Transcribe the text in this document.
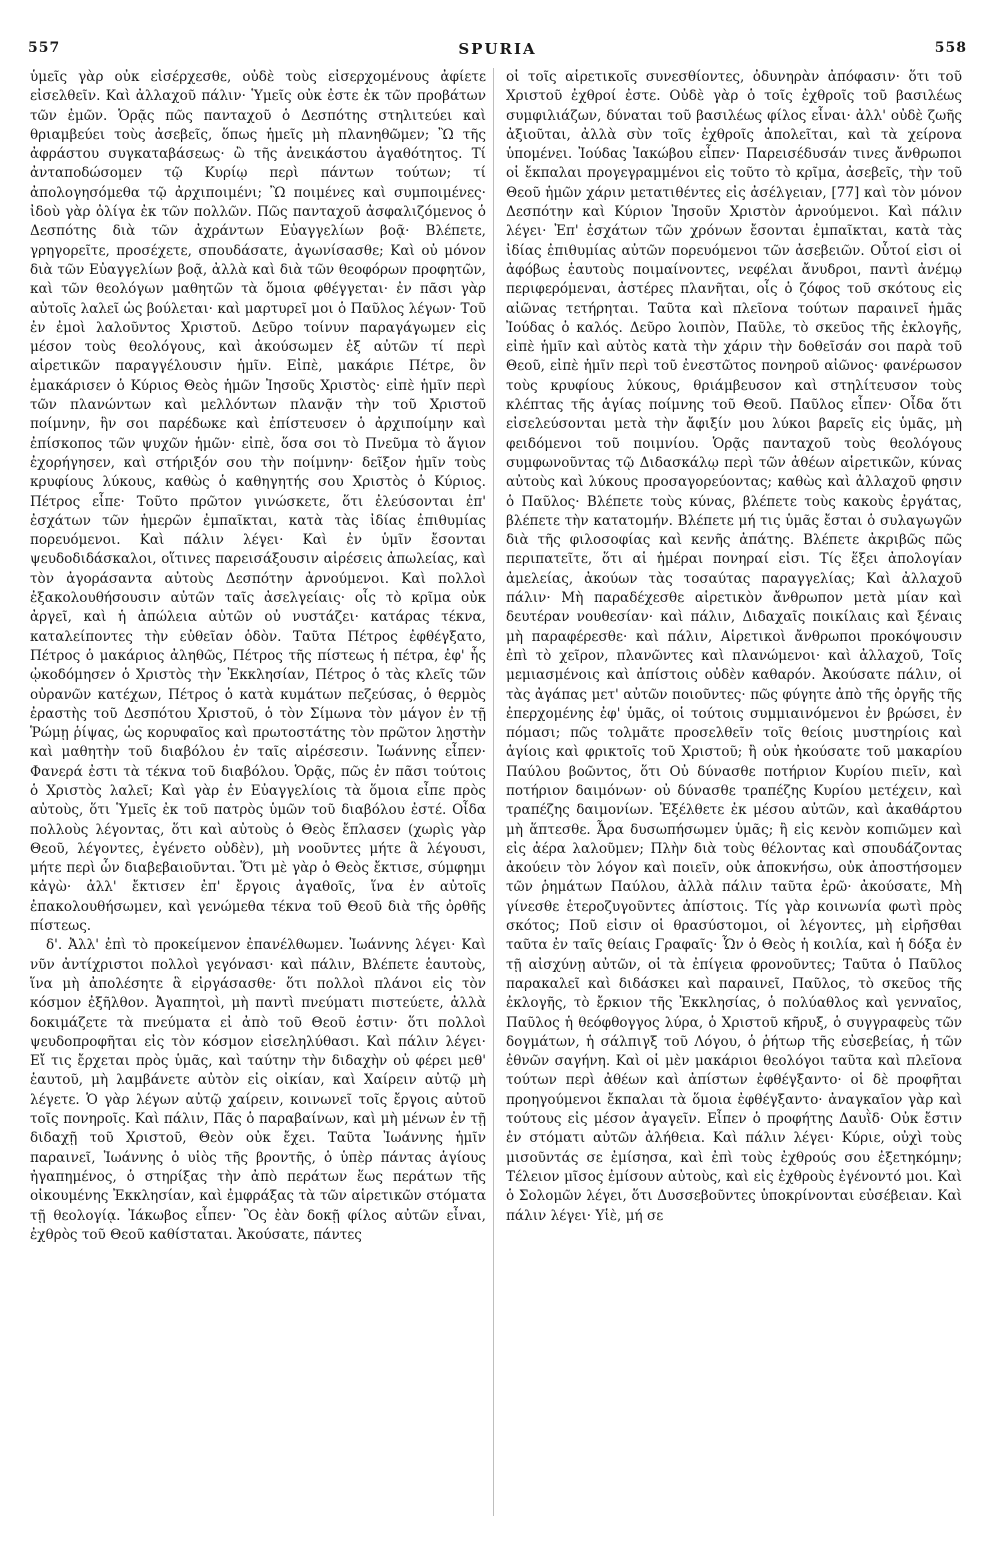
557	SPURIA	558

ὑμεῖς γὰρ οὐκ εἰσέρχεσθε, οὐδὲ τοὺς εἰσερχομένους ἀφίετε εἰσελθεῖν. Καὶ ἀλλαχοῦ πάλιν· Ὑμεῖς οὐκ ἐστε ἐκ τῶν προβάτων τῶν ἐμῶν. Ὁρᾷς πῶς πανταχοῦ ὁ Δεσπότης στηλιτεύει καὶ θριαμβεύει τοὺς ἀσεβεῖς, ὅπως ἡμεῖς μὴ πλανηθῶμεν; Ὢ τῆς ἀφράστου συγκαταβάσεως· ὢ τῆς ἀνεικάστου ἀγαθότητος. Τί ἀνταποδώσομεν τῷ Κυρίῳ περὶ πάντων τούτων; τί ἀπολογησόμεθα τῷ ἀρχιποιμένι; Ὢ ποιμένες καὶ συμποιμένες· ἰδοὺ γὰρ ὀλίγα ἐκ τῶν πολλῶν. Πῶς πανταχοῦ ἀσφαλιζόμενος ὁ Δεσπότης διὰ τῶν ἀχράντων Εὐαγγελίων βοᾷ· Βλέπετε, γρηγορεῖτε, προσέχετε, σπουδάσατε, ἀγωνίσασθε; Καὶ οὐ μόνον διὰ τῶν Εὐαγγελίων βοᾷ, ἀλλὰ καὶ διὰ τῶν θεοφόρων προφητῶν, καὶ τῶν θεολόγων μαθητῶν τὰ ὅμοια φθέγγεται· ἐν πᾶσι γὰρ αὐτοῖς λαλεῖ ὡς βούλεται· καὶ μαρτυρεῖ μοι ὁ Παῦλος λέγων· Τοῦ ἐν ἐμοὶ λαλοῦντος Χριστοῦ. Δεῦρο τοίνυν παραγάγωμεν εἰς μέσον τοὺς θεολόγους, καὶ ἀκούσωμεν ἐξ αὐτῶν τί περὶ αἱρετικῶν παραγγέλουσιν ἡμῖν. Εἰπὲ, μακάριε Πέτρε, ὃν ἐμακάρισεν ὁ Κύριος Θεὸς ἡμῶν Ἰησοῦς Χριστὸς· εἰπὲ ἡμῖν περὶ τῶν πλανώντων καὶ μελλόντων πλανᾷν τὴν τοῦ Χριστοῦ ποίμνην, ἣν σοι παρέδωκε καὶ ἐπίστευσεν ὁ ἀρχιποίμην καὶ ἐπίσκοπος τῶν ψυχῶν ἡμῶν· εἰπὲ, ὅσα σοι τὸ Πνεῦμα τὸ ἅγιον ἐχορήγησεν, καὶ στήριξόν σου τὴν ποίμνην· δεῖξον ἡμῖν τοὺς κρυφίους λύκους, καθὼς ὁ καθηγητής σου Χριστὸς ὁ Κύριος. Πέτρος εἶπε· Τοῦτο πρῶτον γινώσκετε, ὅτι ἐλεύσονται ἐπ' ἐσχάτων τῶν ἡμερῶν ἐμπαῖκται, κατὰ τὰς ἰδίας ἐπιθυμίας πορευόμενοι. Καὶ πάλιν λέγει· Καὶ ἐν ὑμῖν ἔσονται ψευδοδιδάσκαλοι, οἵτινες παρεισάξουσιν αἱρέσεις ἀπωλείας, καὶ τὸν ἀγοράσαντα αὐτοὺς Δεσπότην ἀρνούμενοι. Καὶ πολλοὶ ἐξακολουθήσουσιν αὐτῶν ταῖς ἀσελγείαις· οἷς τὸ κρῖμα οὐκ ἀργεῖ, καὶ ἡ ἀπώλεια αὐτῶν οὐ νυστάζει· κατάρας τέκνα, καταλείποντες τὴν εὐθεῖαν ὁδὸν. Ταῦτα Πέτρος ἐφθέγξατο, Πέτρος ὁ μακάριος ἀληθῶς, Πέτρος τῆς πίστεως ἡ πέτρα, ἐφ' ἧς ᾠκοδόμησεν ὁ Χριστὸς τὴν Ἐκκλησίαν, Πέτρος ὁ τὰς κλεῖς τῶν οὐρανῶν κατέχων, Πέτρος ὁ κατὰ κυμάτων πεζεύσας, ὁ θερμὸς ἐραστὴς τοῦ Δεσπότου Χριστοῦ, ὁ τὸν Σίμωνα τὸν μάγον ἐν τῇ Ῥώμῃ ῥίψας, ὡς κορυφαῖος καὶ πρωτοστάτης τὸν πρῶτον λῃστὴν καὶ μαθητὴν τοῦ διαβόλου ἐν ταῖς αἱρέσεσιν. Ἰωάννης εἶπεν· Φανερά ἐστι τὰ τέκνα τοῦ διαβόλου. Ὁρᾷς, πῶς ἐν πᾶσι τούτοις ὁ Χριστὸς λαλεῖ; Καὶ γὰρ ἐν Εὐαγγελίοις τὰ ὅμοια εἶπε πρὸς αὐτοὺς, ὅτι Ὑμεῖς ἐκ τοῦ πατρὸς ὑμῶν τοῦ διαβόλου ἐστέ. Οἶδα πολλοὺς λέγοντας, ὅτι καὶ αὐτοὺς ὁ Θεὸς ἔπλασεν (χωρὶς γὰρ Θεοῦ, λέγοντες, ἐγένετο οὐδὲν), μὴ νοοῦντες μήτε ἃ λέγουσι, μήτε περὶ ὧν διαβεβαιοῦνται. Ὅτι μὲ γὰρ ὁ Θεὸς ἔκτισε, σύμφημι κἀγὼ· ἀλλ' ἔκτισεν ἐπ' ἔργοις ἀγαθοῖς, ἵνα ἐν αὐτοῖς ἐπακολουθήσωμεν, καὶ γενώμεθα τέκνα τοῦ Θεοῦ διὰ τῆς ὀρθῆς πίστεως.

δ'. Ἀλλ' ἐπὶ τὸ προκείμενον ἐπανέλθωμεν. Ἰωάννης λέγει· Καὶ νῦν ἀντίχριστοι πολλοὶ γεγόνασι· καὶ πάλιν, Βλέπετε ἑαυτοὺς, ἵνα μὴ ἀπολέσητε ἃ εἰργάσασθε· ὅτι πολλοὶ πλάνοι εἰς τὸν κόσμον ἐξῆλθον. Ἀγαπητοὶ, μὴ παντὶ πνεύματι πιστεύετε, ἀλλὰ δοκιμάζετε τὰ πνεύματα εἰ ἀπὸ τοῦ Θεοῦ ἐστιν· ὅτι πολλοὶ ψευδοπροφῆται εἰς τὸν κόσμον εἰσεληλύθασι. Καὶ πάλιν λέγει· Εἴ τις ἔρχεται πρὸς ὑμᾶς, καὶ ταύτην τὴν διδαχὴν οὐ φέρει μεθ' ἑαυτοῦ, μὴ λαμβάνετε αὐτὸν εἰς οἰκίαν, καὶ Χαίρειν αὐτῷ μὴ λέγετε. Ὁ γὰρ λέγων αὐτῷ χαίρειν, κοινωνεῖ τοῖς ἔργοις αὐτοῦ τοῖς πονηροῖς. Καὶ πάλιν, Πᾶς ὁ παραβαίνων, καὶ μὴ μένων ἐν τῇ διδαχῇ τοῦ Χριστοῦ, Θεὸν οὐκ ἔχει. Ταῦτα Ἰωάννης ἡμῖν παραινεῖ, Ἰωάννης ὁ υἱὸς τῆς βροντῆς, ὁ ὑπὲρ πάντας ἁγίους ἠγαπημένος, ὁ στηρίξας τὴν ἀπὸ περάτων ἕως περάτων τῆς οἰκουμένης Ἐκκλησίαν, καὶ ἐμφράξας τὰ τῶν αἱρετικῶν στόματα τῇ θεολογίᾳ. Ἰάκωβος εἶπεν· Ὃς ἐὰν δοκῇ φίλος αὐτῶν εἶναι, ἐχθρὸς τοῦ Θεοῦ καθίσταται. Ἀκούσατε, πάντες

οἱ τοῖς αἱρετικοῖς συνεσθίοντες, ὀδυνηρὰν ἀπόφασιν· ὅτι τοῦ Χριστοῦ ἐχθροί ἐστε. Οὐδὲ γὰρ ὁ τοῖς ἐχθροῖς τοῦ βασιλέως συμφιλιάζων, δύναται τοῦ βασιλέως φίλος εἶναι· ἀλλ' οὐδὲ ζωῆς ἀξιοῦται, ἀλλὰ σὺν τοῖς ἐχθροῖς ἀπολεῖται, καὶ τὰ χείρονα ὑπομένει. Ἰούδας Ἰακώβου εἶπεν· Παρεισέδυσάν τινες ἄνθρωποι οἱ ἔκπαλαι προγεγραμμένοι εἰς τοῦτο τὸ κρῖμα, ἀσεβεῖς, τὴν τοῦ Θεοῦ ἡμῶν χάριν μετατιθέντες εἰς ἀσέλγειαν, [77] καὶ τὸν μόνον Δεσπότην καὶ Κύριον Ἰησοῦν Χριστὸν ἀρνούμενοι. Καὶ πάλιν λέγει· Ἐπ' ἐσχάτων τῶν χρόνων ἔσονται ἐμπαῖκται, κατὰ τὰς ἰδίας ἐπιθυμίας αὐτῶν πορευόμενοι τῶν ἀσεβειῶν. Οὗτοί εἰσι οἱ ἀφόβως ἑαυτοὺς ποιμαίνοντες, νεφέλαι ἄνυδροι, παντὶ ἀνέμῳ περιφερόμεναι, ἀστέρες πλανῆται, οἷς ὁ ζόφος τοῦ σκότους εἰς αἰῶνας τετήρηται. Ταῦτα καὶ πλεῖονα τούτων παραινεῖ ἡμᾶς Ἰούδας ὁ καλός. Δεῦρο λοιπὸν, Παῦλε, τὸ σκεῦος τῆς ἐκλογῆς, εἰπὲ ἡμῖν καὶ αὐτὸς κατὰ τὴν χάριν τὴν δοθεῖσάν σοι παρὰ τοῦ Θεοῦ, εἰπὲ ἡμῖν περὶ τοῦ ἐνεστῶτος πονηροῦ αἰῶνος· φανέρωσον τοὺς κρυφίους λύκους, θριάμβευσον καὶ στηλίτευσον τοὺς κλέπτας τῆς ἁγίας ποίμνης τοῦ Θεοῦ. Παῦλος εἶπεν· Οἶδα ὅτι εἰσελεύσονται μετὰ τὴν ἄφιξίν μου λύκοι βαρεῖς εἰς ὑμᾶς, μὴ φειδόμενοι τοῦ ποιμνίου. Ὁρᾷς πανταχοῦ τοὺς θεολόγους συμφωνοῦντας τῷ Διδασκάλῳ περὶ τῶν ἀθέων αἱρετικῶν, κύνας αὐτοὺς καὶ λύκους προσαγορεύοντας; καθὼς καὶ ἀλλαχοῦ φησιν ὁ Παῦλος· Βλέπετε τοὺς κύνας, βλέπετε τοὺς κακοὺς ἐργάτας, βλέπετε τὴν κατατομήν. Βλέπετε μή τις ὑμᾶς ἔσται ὁ συλαγωγῶν διὰ τῆς φιλοσοφίας καὶ κενῆς ἀπάτης. Βλέπετε ἀκριβῶς πῶς περιπατεῖτε, ὅτι αἱ ἡμέραι πονηραί εἰσι. Τίς ἕξει ἀπολογίαν ἀμελείας, ἀκούων τὰς τοσαύτας παραγγελίας; Καὶ ἀλλαχοῦ πάλιν· Μὴ παραδέχεσθε αἱρετικὸν ἄνθρωπον μετὰ μίαν καὶ δευτέραν νουθεσίαν· καὶ πάλιν, Διδαχαῖς ποικίλαις καὶ ξέναις μὴ παραφέρεσθε· καὶ πάλιν, Αἱρετικοὶ ἄνθρωποι προκόψουσιν ἐπὶ τὸ χεῖρον, πλανῶντες καὶ πλανώμενοι· καὶ ἀλλαχοῦ, Τοῖς μεμιασμένοις καὶ ἀπίστοις οὐδὲν καθαρόν. Ἀκούσατε πάλιν, οἱ τὰς ἀγάπας μετ' αὐτῶν ποιοῦντες· πῶς φύγητε ἀπὸ τῆς ὀργῆς τῆς ἐπερχομένης ἐφ' ὑμᾶς, οἱ τούτοις συμμιαινόμενοι ἐν βρώσει, ἐν πόμασι; πῶς τολμᾶτε προσελθεῖν τοῖς θείοις μυστηρίοις καὶ ἁγίοις καὶ φρικτοῖς τοῦ Χριστοῦ; ἢ οὐκ ἠκούσατε τοῦ μακαρίου Παύλου βοῶντος, ὅτι Οὐ δύνασθε ποτήριον Κυρίου πιεῖν, καὶ ποτήριον δαιμόνων· οὐ δύνασθε τραπέζης Κυρίου μετέχειν, καὶ τραπέζης δαιμονίων. Ἐξέλθετε ἐκ μέσου αὐτῶν, καὶ ἀκαθάρτου μὴ ἅπτεσθε. Ἆρα δυσωπήσωμεν ὑμᾶς; ἢ εἰς κενὸν κοπιῶμεν καὶ εἰς ἀέρα λαλοῦμεν; Πλὴν διὰ τοὺς θέλοντας καὶ σπουδάζοντας ἀκούειν τὸν λόγον καὶ ποιεῖν, οὐκ ἀποκνήσω, οὐκ ἀποστήσομεν τῶν ῥημάτων Παύλου, ἀλλὰ πάλιν ταῦτα ἐρῶ· ἀκούσατε, Μὴ γίνεσθε ἑτεροζυγοῦντες ἀπίστοις. Τίς γὰρ κοινωνία φωτὶ πρὸς σκότος; Ποῦ εἰσιν οἱ θρασύστομοι, οἱ λέγοντες, μὴ εἰρῆσθαι ταῦτα ἐν ταῖς θείαις Γραφαῖς· Ὧν ὁ Θεὸς ἡ κοιλία, καὶ ἡ δόξα ἐν τῇ αἰσχύνῃ αὐτῶν, οἱ τὰ ἐπίγεια φρονοῦντες; Ταῦτα ὁ Παῦλος παρακαλεῖ καὶ διδάσκει καὶ παραινεῖ, Παῦλος, τὸ σκεῦος τῆς ἐκλογῆς, τὸ ἔρκιον τῆς Ἐκκλησίας, ὁ πολύαθλος καὶ γενναῖος, Παῦλος ἡ θεόφθογγος λύρα, ὁ Χριστοῦ κῆρυξ, ὁ συγγραφεὺς τῶν δογμάτων, ἡ σάλπιγξ τοῦ Λόγου, ὁ ῥήτωρ τῆς εὐσεβείας, ἡ τῶν ἐθνῶν σαγήνη. Καὶ οἱ μὲν μακάριοι θεολόγοι ταῦτα καὶ πλεῖονα τούτων περὶ ἀθέων καὶ ἀπίστων ἐφθέγξαντο· οἱ δὲ προφῆται προηγούμενοι ἔκπαλαι τὰ ὅμοια ἐφθέγξαντο· ἀναγκαῖον γὰρ καὶ τούτους εἰς μέσον ἀγαγεῖν. Εἶπεν ὁ προφήτης Δαυῒδ· Οὐκ ἔστιν ἐν στόματι αὐτῶν ἀλήθεια. Καὶ πάλιν λέγει· Κύριε, οὐχὶ τοὺς μισοῦντάς σε ἐμίσησα, καὶ ἐπὶ τοὺς ἐχθρούς σου ἐξετηκόμην; Τέλειον μῖσος ἐμίσουν αὐτοὺς, καὶ εἰς ἐχθροὺς ἐγένοντό μοι. Καὶ ὁ Σολομῶν λέγει, ὅτι Δυσσεβοῦντες ὑποκρίνονται εὐσέβειαν. Καὶ πάλιν λέγει· Υἱὲ, μή σε
